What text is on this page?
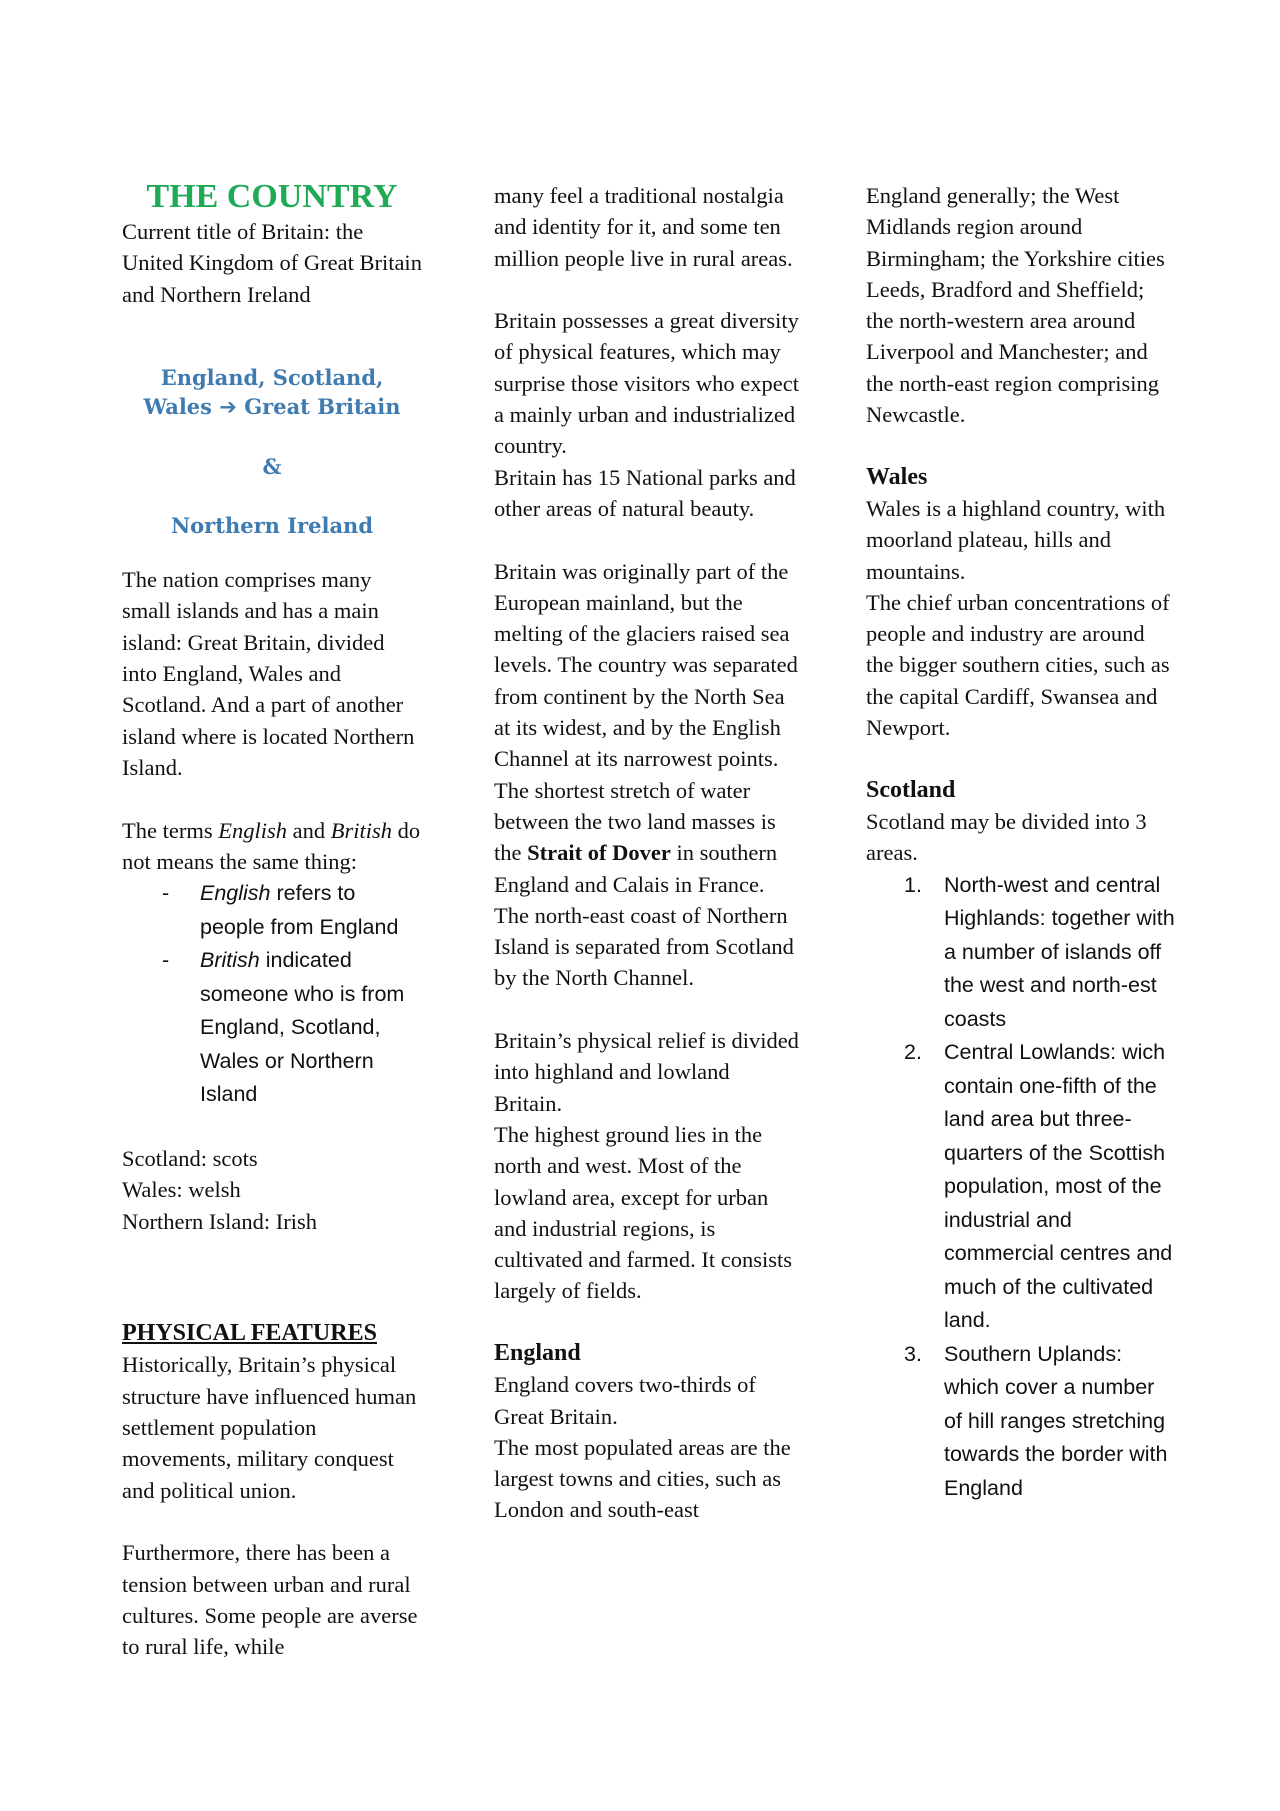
THE COUNTRY

Current title of Britain: the United Kingdom of Great Britain and Northern Ireland

England, Scotland,
Wales ➔ Great Britain

&

Northern Ireland

The nation comprises many small islands and has a main island: Great Britain, divided into England, Wales and Scotland. And a part of another island where is located Northern Island.

The terms English and British do not means the same thing:

- English refers to people from England
- British indicated someone who is from England, Scotland, Wales or Northern Island

Scotland: scots

Wales: welsh

Northern Island: Irish

PHYSICAL FEATURES

Historically, Britain’s physical structure have influenced human settlement population movements, military conquest and political union.

Furthermore, there has been a tension between urban and rural cultures. Some people are averse to rural life, while

many feel a traditional nostalgia and identity for it, and some ten million people live in rural areas.

Britain possesses a great diversity of physical features, which may surprise those visitors who expect a mainly urban and industrialized country.

Britain has 15 National parks and other areas of natural beauty.

Britain was originally part of the European mainland, but the melting of the glaciers raised sea levels. The country was separated from continent by the North Sea at its widest, and by the English Channel at its narrowest points.

The shortest stretch of water between the two land masses is the Strait of Dover in southern England and Calais in France. The north-east coast of Northern Island is separated from Scotland by the North Channel.

Britain’s physical relief is divided into highland and lowland Britain.

The highest ground lies in the north and west. Most of the lowland area, except for urban and industrial regions, is cultivated and farmed. It consists largely of fields.

England

England covers two-thirds of Great Britain.

The most populated areas are the largest towns and cities, such as London and south-east

England generally; the West Midlands region around Birmingham; the Yorkshire cities Leeds, Bradford and Sheffield; the north-western area around Liverpool and Manchester; and the north-east region comprising Newcastle.

Wales

Wales is a highland country, with moorland plateau, hills and mountains.

The chief urban concentrations of people and industry are around the bigger southern cities, such as the capital Cardiff, Swansea and Newport.

Scotland

Scotland may be divided into 3 areas.

1. North-west and central Highlands: together with a number of islands off the west and north-est coasts
2. Central Lowlands: wich contain one-fifth of the land area but three-quarters of the Scottish population, most of the industrial and commercial centres and much of the cultivated land.
3. Southern Uplands: which cover a number of hill ranges stretching towards the border with England
